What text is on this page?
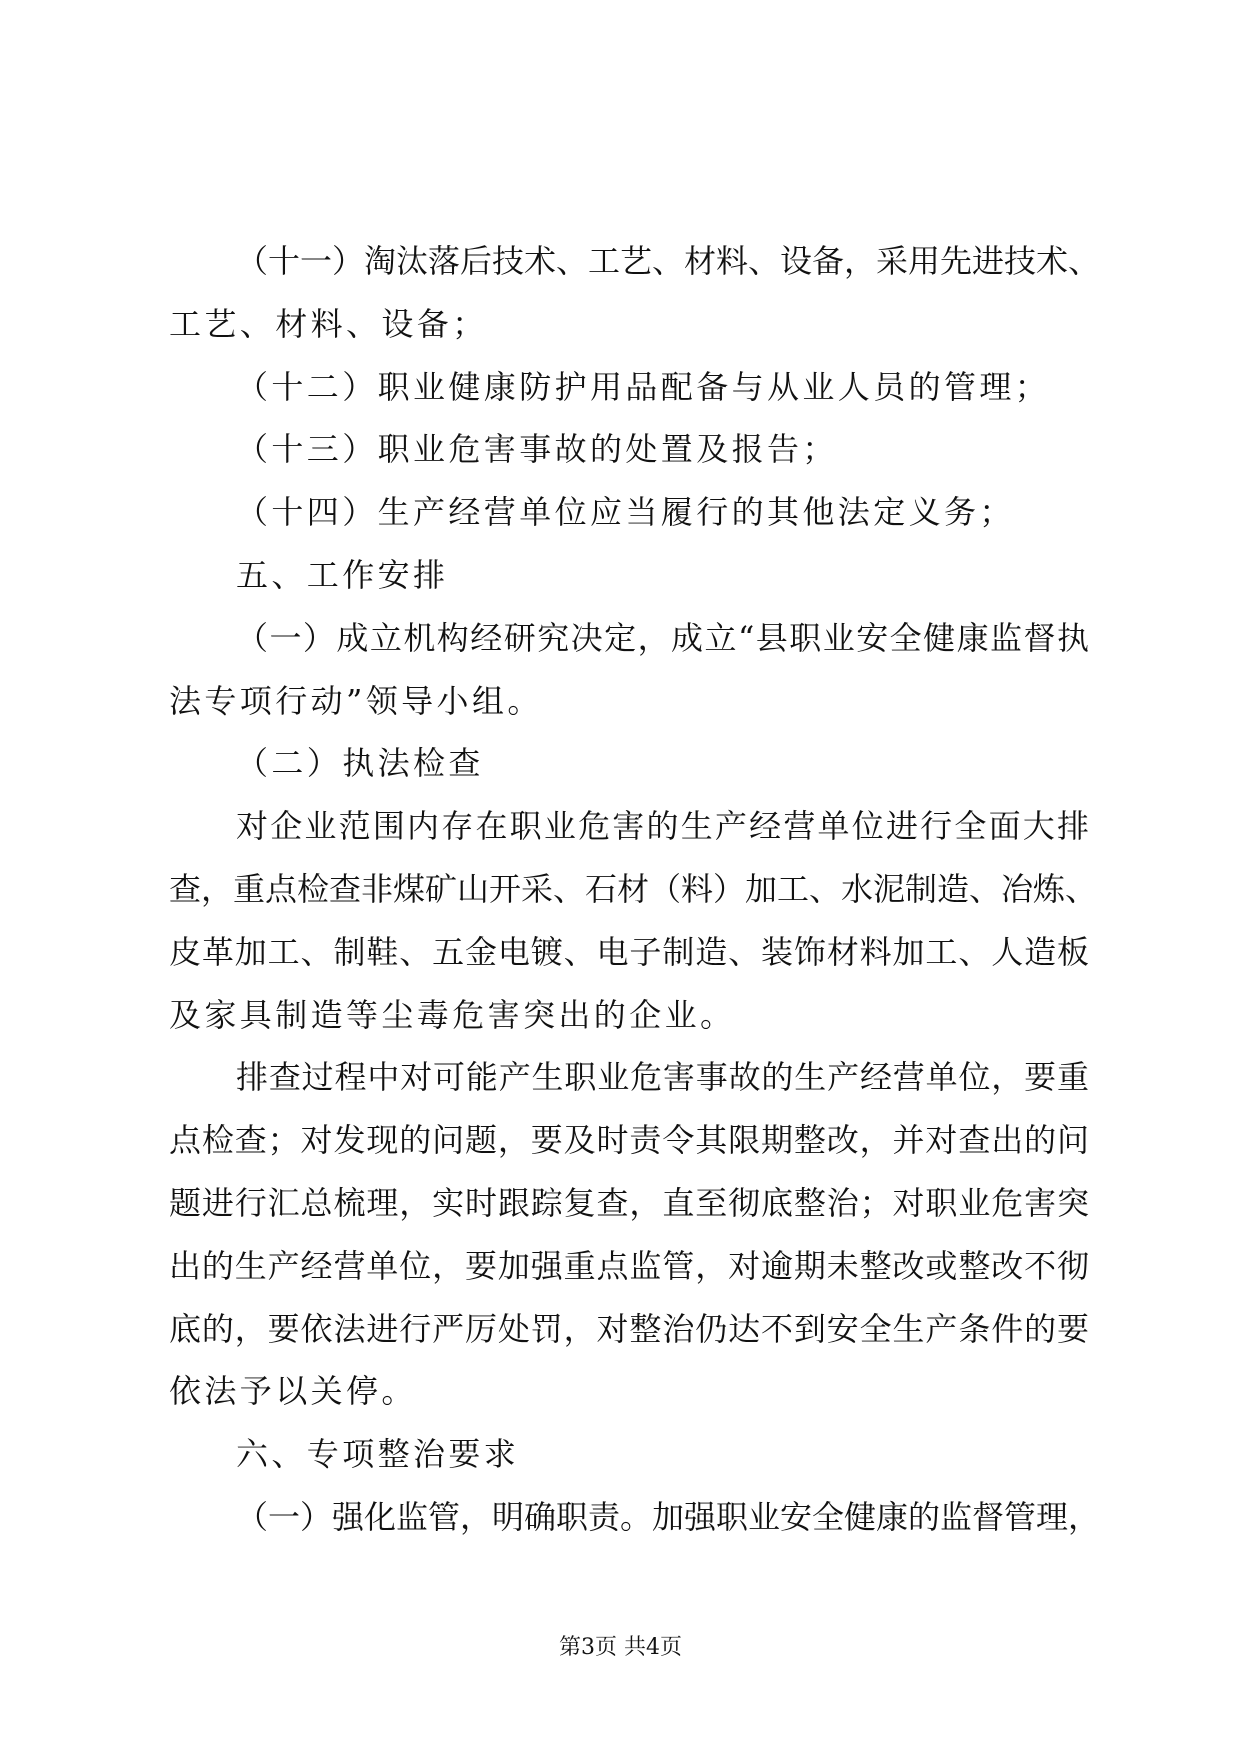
（十一）淘汰落后技术、工艺、材料、设备，采用先进技术、
工艺、材料、设备；
（十二）职业健康防护用品配备与从业人员的管理；
（十三）职业危害事故的处置及报告；
（十四）生产经营单位应当履行的其他法定义务；
五、工作安排
（一）成立机构经研究决定，成立“县职业安全健康监督执
法专项行动”领导小组。
（二）执法检查
对企业范围内存在职业危害的生产经营单位进行全面大排
查，重点检查非煤矿山开采、石材（料）加工、水泥制造、冶炼、
皮革加工、制鞋、五金电镀、电子制造、装饰材料加工、人造板
及家具制造等尘毒危害突出的企业。
排查过程中对可能产生职业危害事故的生产经营单位，要重
点检查；对发现的问题，要及时责令其限期整改，并对查出的问
题进行汇总梳理，实时跟踪复查，直至彻底整治；对职业危害突
出的生产经营单位，要加强重点监管，对逾期未整改或整改不彻
底的，要依法进行严厉处罚，对整治仍达不到安全生产条件的要
依法予以关停。
六、专项整治要求
（一）强化监管，明确职责。加强职业安全健康的监督管理，
第3页 共4页
